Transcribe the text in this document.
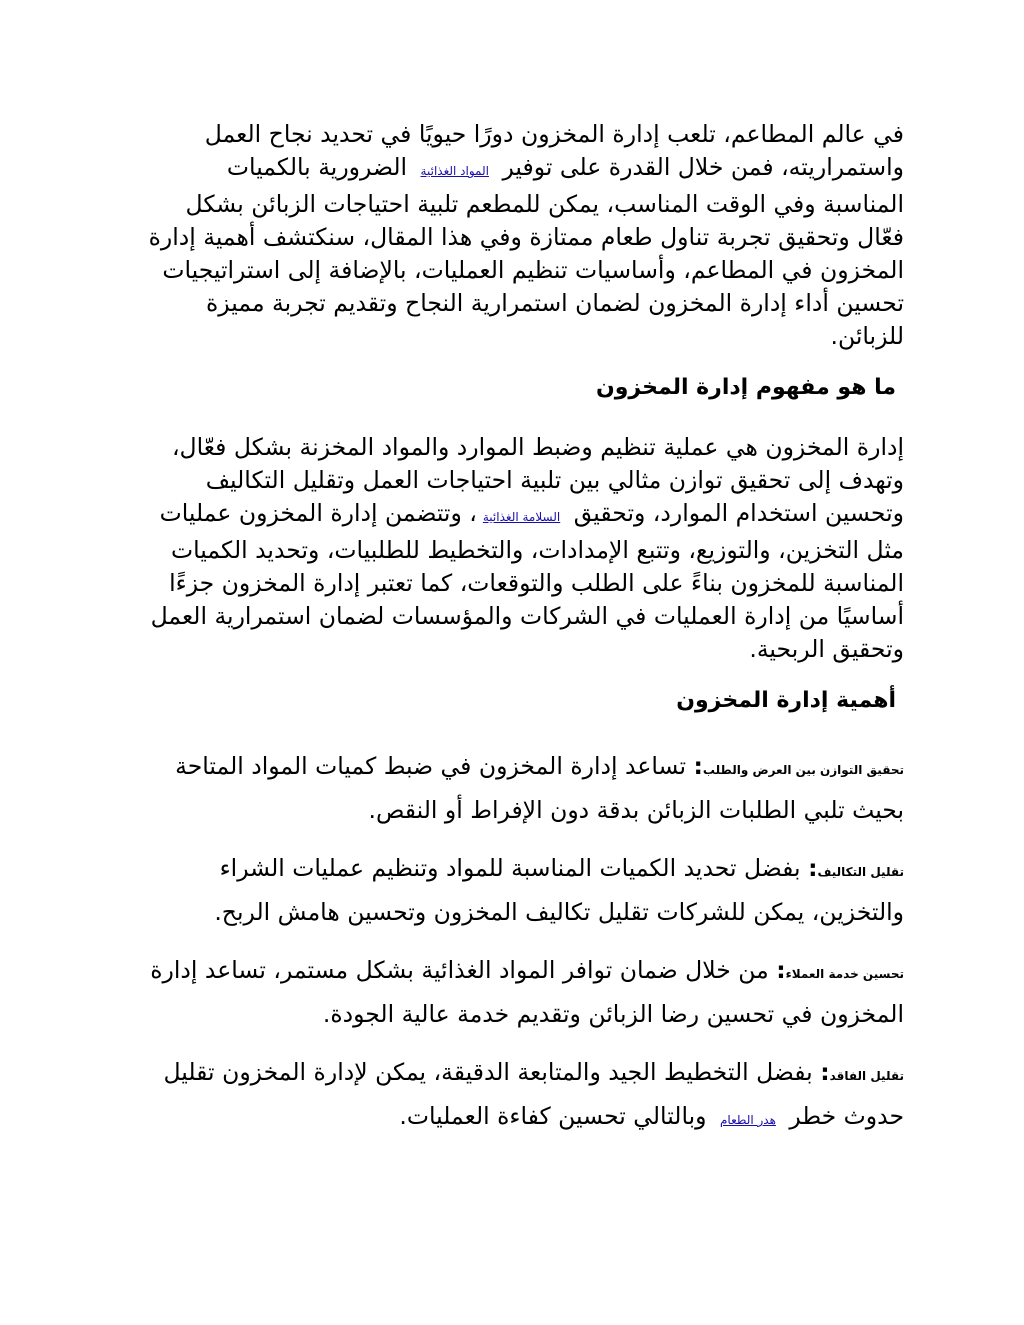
في عالم المطاعم، تلعب إدارة المخزون دورًا حيويًا في تحديد نجاح العمل واستمراريته، فمن خلال القدرة على توفير المواد الغذائية الضرورية بالكميات المناسبة وفي الوقت المناسب، يمكن للمطعم تلبية احتياجات الزبائن بشكل فعّال وتحقيق تجربة تناول طعام ممتازة وفي هذا المقال، سنكتشف أهمية إدارة المخزون في المطاعم، وأساسيات تنظيم العمليات، بالإضافة إلى استراتيجيات تحسين أداء إدارة المخزون لضمان استمرارية النجاح وتقديم تجربة مميزة للزبائن.

ما هو مفهوم إدارة المخزون

إدارة المخزون هي عملية تنظيم وضبط الموارد والمواد المخزنة بشكل فعّال، وتهدف إلى تحقيق توازن مثالي بين تلبية احتياجات العمل وتقليل التكاليف وتحسين استخدام الموارد، وتحقيق السلامة الغذائية، وتتضمن إدارة المخزون عمليات مثل التخزين، والتوزيع، وتتبع الإمدادات، والتخطيط للطلبيات، وتحديد الكميات المناسبة للمخزون بناءً على الطلب والتوقعات، كما تعتبر إدارة المخزون جزءًا أساسيًا من إدارة العمليات في الشركات والمؤسسات لضمان استمرارية العمل وتحقيق الربحية.

أهمية إدارة المخزون

تحقيق التوازن بين العرض والطلب: تساعد إدارة المخزون في ضبط كميات المواد المتاحة بحيث تلبي الطلبات الزبائن بدقة دون الإفراط أو النقص.

تقليل التكاليف: بفضل تحديد الكميات المناسبة للمواد وتنظيم عمليات الشراء والتخزين، يمكن للشركات تقليل تكاليف المخزون وتحسين هامش الربح.

تحسين خدمة العملاء: من خلال ضمان توافر المواد الغذائية بشكل مستمر، تساعد إدارة المخزون في تحسين رضا الزبائن وتقديم خدمة عالية الجودة.

تقليل الفاقد: بفضل التخطيط الجيد والمتابعة الدقيقة، يمكن لإدارة المخزون تقليل حدوث خطر هدر الطعام وبالتالي تحسين كفاءة العمليات.
